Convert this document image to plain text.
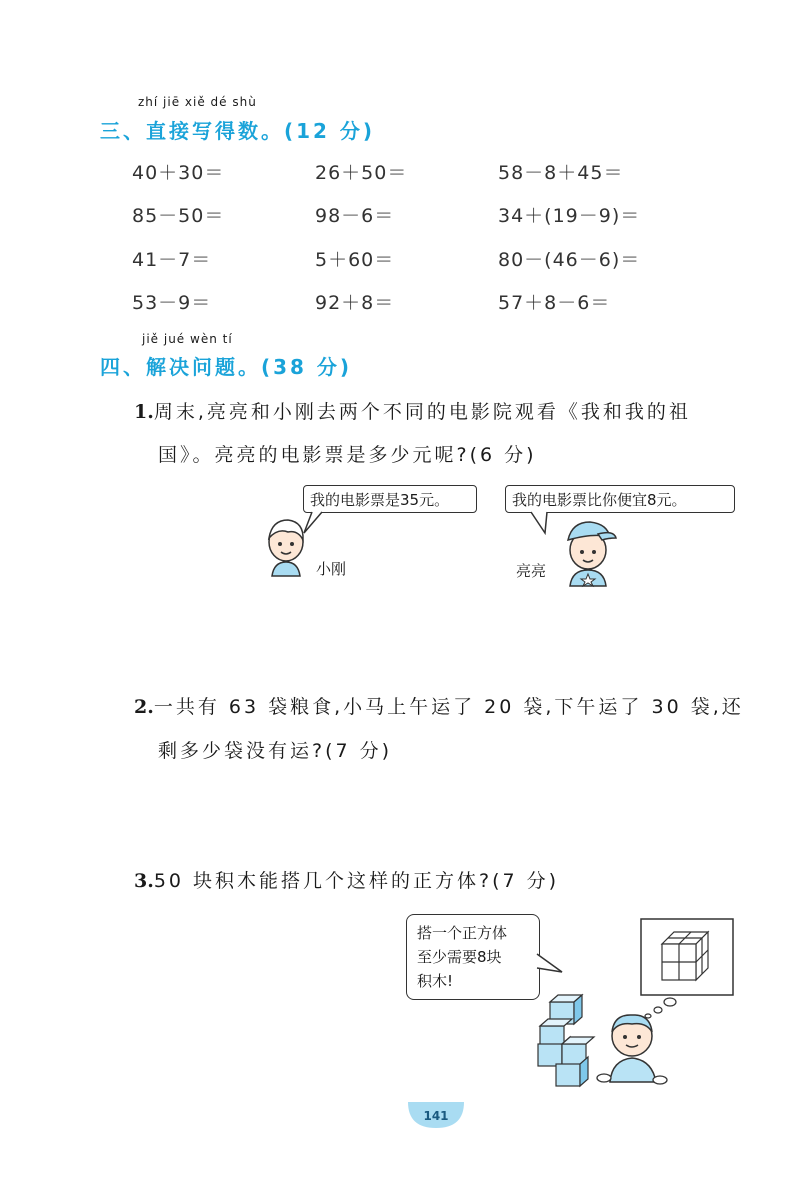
zhí jiē xiě dé shù
三、直接写得数。(12 分)
40＋30＝	26＋50＝	58－8＋45＝
85－50＝	98－6＝	34＋(19－9)＝
41－7＝	5＋60＝	80－(46－6)＝
53－9＝	92＋8＝	57＋8－6＝
jiě jué wèn tí
四、解决问题。(38 分)
1.周末,亮亮和小刚去两个不同的电影院观看《我和我的祖
国》。亮亮的电影票是多少元呢?(6 分)
我的电影票是35元。	我的电影票比你便宜8元。
小刚	亮亮
2.一共有 63 袋粮食,小马上午运了 20 袋,下午运了 30 袋,还
剩多少袋没有运?(7 分)
3.50 块积木能搭几个这样的正方体?(7 分)
搭一个正方体
至少需要8块
积木!
141
